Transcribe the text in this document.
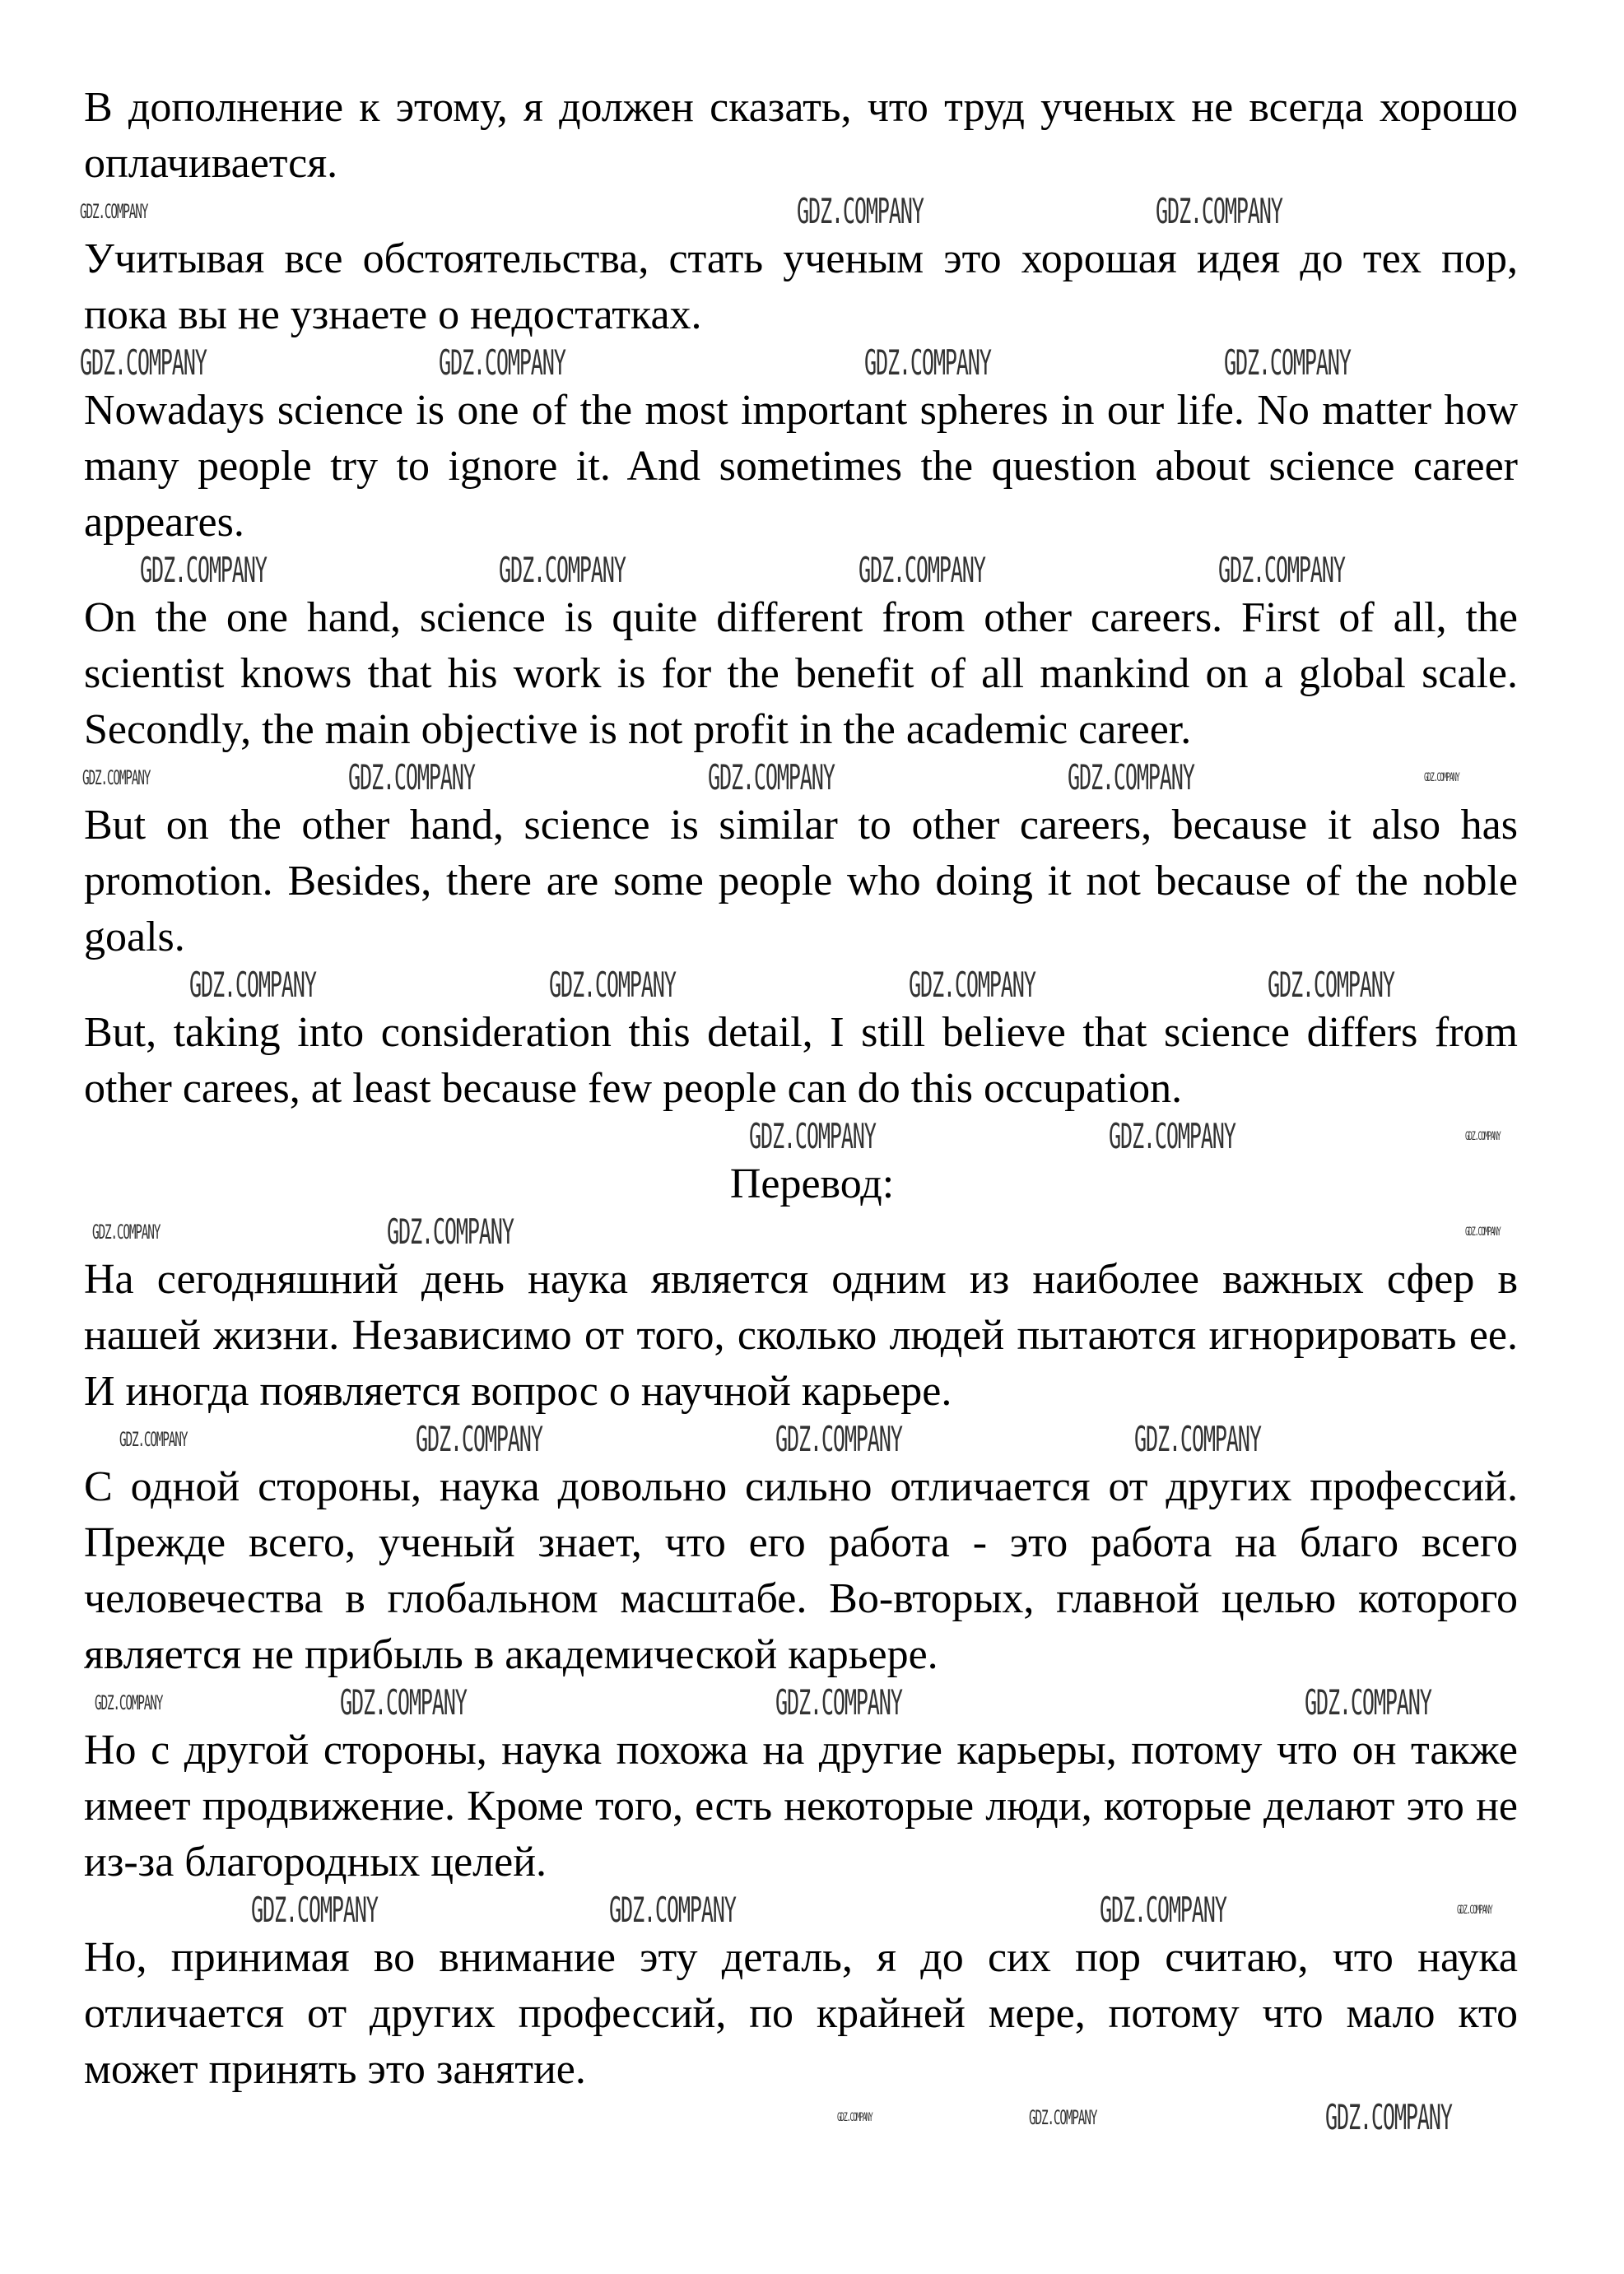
В дополнение к этому, я должен сказать, что труд ученых не всегда хорошо оплачивается.

GDZ.COMPANY	GDZ.COMPANY	GDZ.COMPANY

Учитывая все обстоятельства, стать ученым это хорошая идея до тех пор, пока вы не узнаете о недостатках.

GDZ.COMPANY	GDZ.COMPANY	GDZ.COMPANY	GDZ.COMPANY

Nowadays science is one of the most important spheres in our life. No matter how many people try to ignore it. And sometimes the question about science career appeares.

GDZ.COMPANY	GDZ.COMPANY	GDZ.COMPANY	GDZ.COMPANY

On the one hand, science is quite different from other careers. First of all, the scientist knows that his work is for the benefit of all mankind on a global scale. Secondly, the main objective is not profit in the academic career.

GDZ.COMPANY	GDZ.COMPANY	GDZ.COMPANY	GDZ.COMPANY	GDZ.COMPANY

But on the other hand, science is similar to other careers, because it also has promotion. Besides, there are some people who doing it not because of the noble goals.

GDZ.COMPANY	GDZ.COMPANY	GDZ.COMPANY	GDZ.COMPANY

But, taking into consideration this detail, I still believe that science differs from other carees, at least because few people can do this occupation.

GDZ.COMPANY	GDZ.COMPANY	GDZ.COMPANY

Перевод:

GDZ.COMPANY	GDZ.COMPANY	GDZ.COMPANY

На сегодняшний день наука является одним из наиболее важных сфер в нашей жизни. Независимо от того, сколько людей пытаются игнорировать ее. И иногда появляется вопрос о научной карьере.

GDZ.COMPANY	GDZ.COMPANY	GDZ.COMPANY	GDZ.COMPANY

С одной стороны, наука довольно сильно отличается от других профессий. Прежде всего, ученый знает, что его работа - это работа на благо всего человечества в глобальном масштабе. Во-вторых, главной целью которого является не прибыль в академической карьере.

GDZ.COMPANY	GDZ.COMPANY	GDZ.COMPANY	GDZ.COMPANY

Но с другой стороны, наука похожа на другие карьеры, потому что он также имеет продвижение. Кроме того, есть некоторые люди, которые делают это не из-за благородных целей.

GDZ.COMPANY	GDZ.COMPANY	GDZ.COMPANY	GDZ.COMPANY

Но, принимая во внимание эту деталь, я до сих пор считаю, что наука отличается от других профессий, по крайней мере, потому что мало кто может принять это занятие.

GDZ.COMPANY	GDZ.COMPANY	GDZ.COMPANY
